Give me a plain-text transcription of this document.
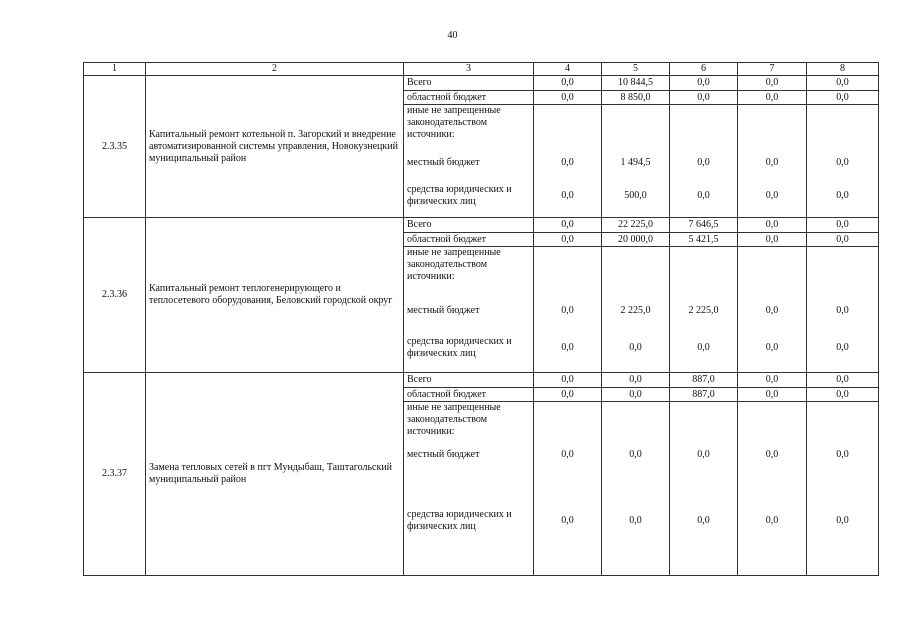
40
1	2	3	4	5	6	7	8
2.3.35	Капитальный ремонт котельной п. Загорский и внедрение автоматизированной системы управления, Новокузнецкий муниципальный район	Всего	0,0	10 844,5	0,0	0,0	0,0
		областной бюджет	0,0	8 850,0	0,0	0,0	0,0
		иные не запрещенные законодательством источники:					
		местный бюджет	0,0	1 494,5	0,0	0,0	0,0
		средства юридических и физических лиц	0,0	500,0	0,0	0,0	0,0
2.3.36	Капитальный ремонт теплогенерирующего и теплосетевого оборудования, Беловский городской округ	Всего	0,0	22 225,0	7 646,5	0,0	0,0
		областной бюджет	0,0	20 000,0	5 421,5	0,0	0,0
		иные не запрещенные законодательством источники:					
		местный бюджет	0,0	2 225,0	2 225,0	0,0	0,0
		средства юридических и физических лиц	0,0	0,0	0,0	0,0	0,0
2.3.37	Замена тепловых сетей в пгт Мундыбаш, Таштагольский муниципальный район	Всего	0,0	0,0	887,0	0,0	0,0
		областной бюджет	0,0	0,0	887,0	0,0	0,0
		иные не запрещенные законодательством источники:					
		местный бюджет	0,0	0,0	0,0	0,0	0,0
		средства юридических и физических лиц	0,0	0,0	0,0	0,0	0,0
